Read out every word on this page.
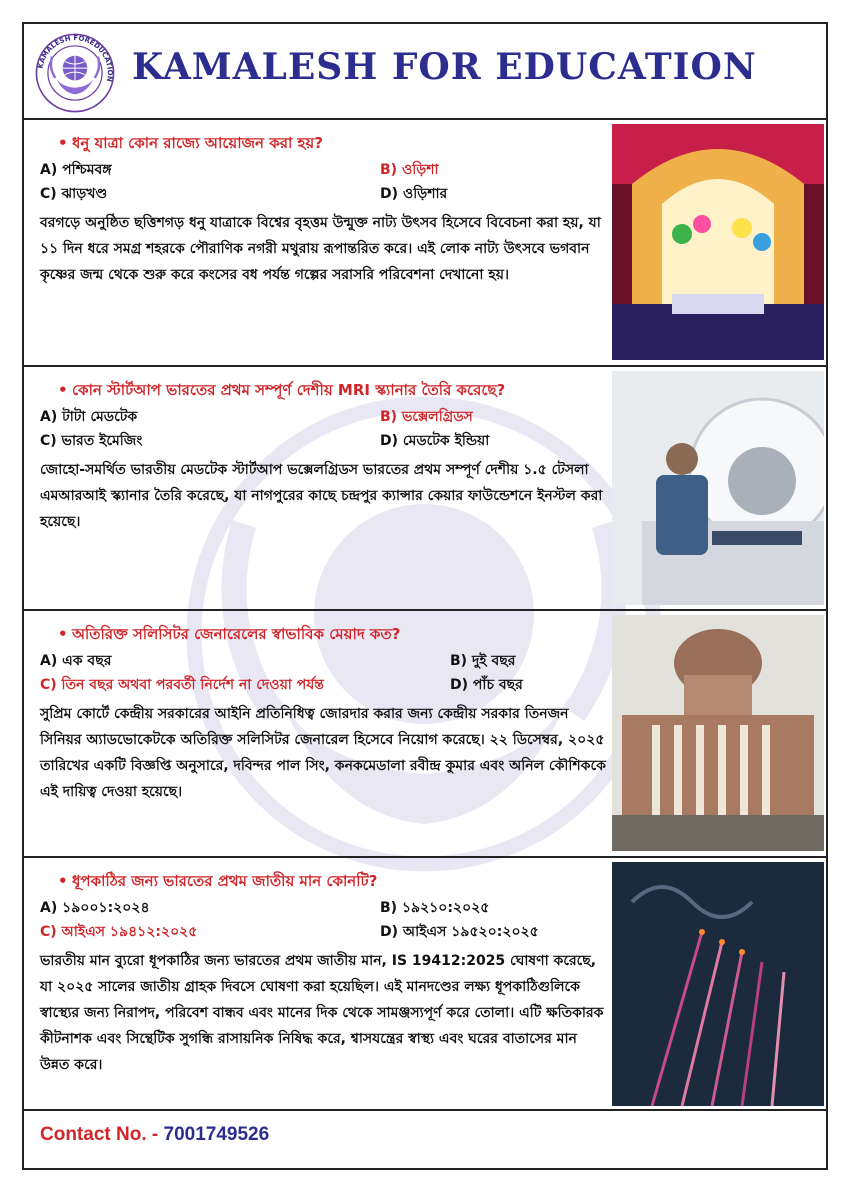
KAMALESH FOREDUCATION KAMALESH FOR EDUCATION
• ধনু যাত্রা কোন রাজ্যে আয়োজন করা হয়?
A) পশ্চিমবঙ্গ	B) ওড়িশা
C) ঝাড়খণ্ড	D) ওড়িশার
বরগড়ে অনুষ্ঠিত ছত্তিশগড় ধনু যাত্রাকে বিশ্বের বৃহত্তম উন্মুক্ত নাট্য উৎসব হিসেবে বিবেচনা করা হয়, যা ১১ দিন ধরে সমগ্র শহরকে পৌরাণিক নগরী মথুরায় রূপান্তরিত করে। এই লোক নাট্য উৎসবে ভগবান কৃষ্ণের জন্ম থেকে শুরু করে কংসের বধ পর্যন্ত গল্পের সরাসরি পরিবেশনা দেখানো হয়।
• কোন স্টার্টআপ ভারতের প্রথম সম্পূর্ণ দেশীয় MRI স্ক্যানার তৈরি করেছে?
A) টাটা মেডটেক	B) ভক্সেলগ্রিডস
C) ভারত ইমেজিং	D) মেডটেক ইন্ডিয়া
জোহো-সমর্থিত ভারতীয় মেডটেক স্টার্টআপ ভক্সেলগ্রিডস ভারতের প্রথম সম্পূর্ণ দেশীয় ১.৫ টেসলা এমআরআই স্ক্যানার তৈরি করেছে, যা নাগপুরের কাছে চন্দ্রপুর ক্যান্সার কেয়ার ফাউন্ডেশনে ইনস্টল করা হয়েছে।
• অতিরিক্ত সলিসিটর জেনারেলের স্বাভাবিক মেয়াদ কত?
A) এক বছর	B) দুই বছর
C) তিন বছর অথবা পরবর্তী নির্দেশ না দেওয়া পর্যন্ত	D) পাঁচ বছর
সুপ্রিম কোর্টে কেন্দ্রীয় সরকারের আইনি প্রতিনিধিত্ব জোরদার করার জন্য কেন্দ্রীয় সরকার তিনজন সিনিয়র অ্যাডভোকেটকে অতিরিক্ত সলিসিটর জেনারেল হিসেবে নিয়োগ করেছে। ২২ ডিসেম্বর, ২০২৫ তারিখের একটি বিজ্ঞপ্তি অনুসারে, দবিন্দর পাল সিং, কনকমেডালা রবীন্দ্র কুমার এবং অনিল কৌশিককে এই দায়িত্ব দেওয়া হয়েছে।
• ধূপকাঠির জন্য ভারতের প্রথম জাতীয় মান কোনটি?
A) ১৯০০১:২০২৪	B) ১৯২১০:২০২৫
C) আইএস ১৯৪১২:২০২৫	D) আইএস ১৯৫২০:২০২৫
ভারতীয় মান ব্যুরো ধূপকাঠির জন্য ভারতের প্রথম জাতীয় মান, IS 19412:2025 ঘোষণা করেছে, যা ২০২৫ সালের জাতীয় গ্রাহক দিবসে ঘোষণা করা হয়েছিল। এই মানদণ্ডের লক্ষ্য ধূপকাঠিগুলিকে স্বাস্থ্যের জন্য নিরাপদ, পরিবেশ বান্ধব এবং মানের দিক থেকে সামঞ্জস্যপূর্ণ করে তোলা। এটি ক্ষতিকারক কীটনাশক এবং সিন্থেটিক সুগন্ধি রাসায়নিক নিষিদ্ধ করে, শ্বাসযন্ত্রের স্বাস্থ্য এবং ঘরের বাতাসের মান উন্নত করে।
Contact No. - 7001749526
